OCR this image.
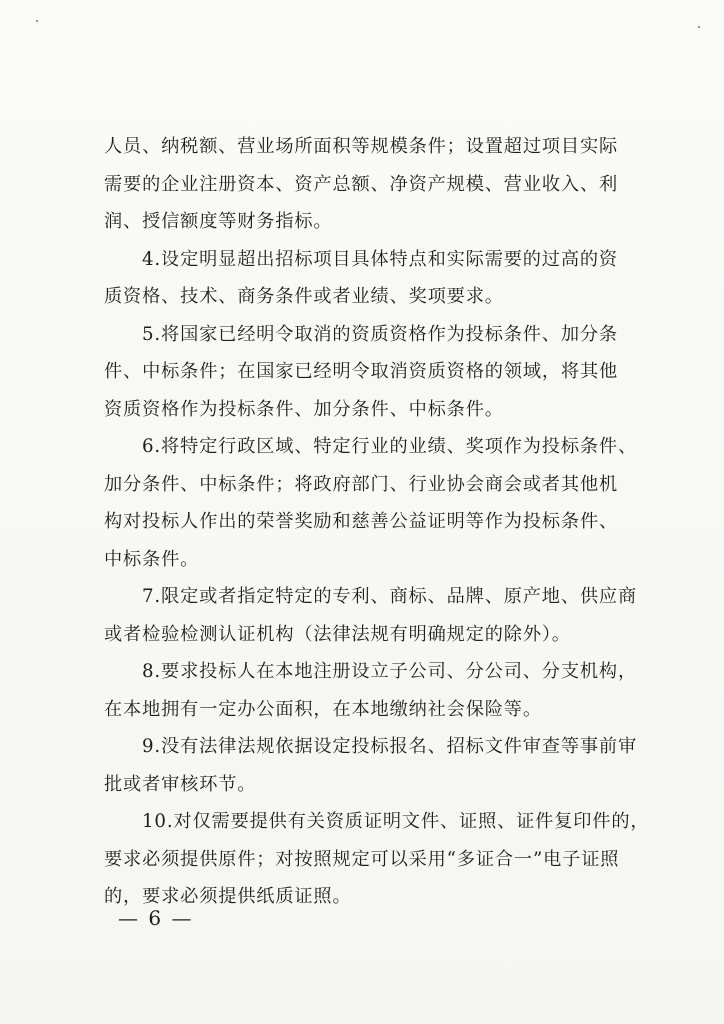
人员、纳税额、营业场所面积等规模条件；设置超过项目实际
需要的企业注册资本、资产总额、净资产规模、营业收入、利
润、授信额度等财务指标。
4.设定明显超出招标项目具体特点和实际需要的过高的资
质资格、技术、商务条件或者业绩、奖项要求。
5.将国家已经明令取消的资质资格作为投标条件、加分条
件、中标条件；在国家已经明令取消资质资格的领域，将其他
资质资格作为投标条件、加分条件、中标条件。
6.将特定行政区域、特定行业的业绩、奖项作为投标条件、
加分条件、中标条件；将政府部门、行业协会商会或者其他机
构对投标人作出的荣誉奖励和慈善公益证明等作为投标条件、
中标条件。
7.限定或者指定特定的专利、商标、品牌、原产地、供应商
或者检验检测认证机构（法律法规有明确规定的除外）。
8.要求投标人在本地注册设立子公司、分公司、分支机构，
在本地拥有一定办公面积，在本地缴纳社会保险等。
9.没有法律法规依据设定投标报名、招标文件审查等事前审
批或者审核环节。
10.对仅需要提供有关资质证明文件、证照、证件复印件的，
要求必须提供原件；对按照规定可以采用“多证合一”电子证照
的，要求必须提供纸质证照。
— 6 —
